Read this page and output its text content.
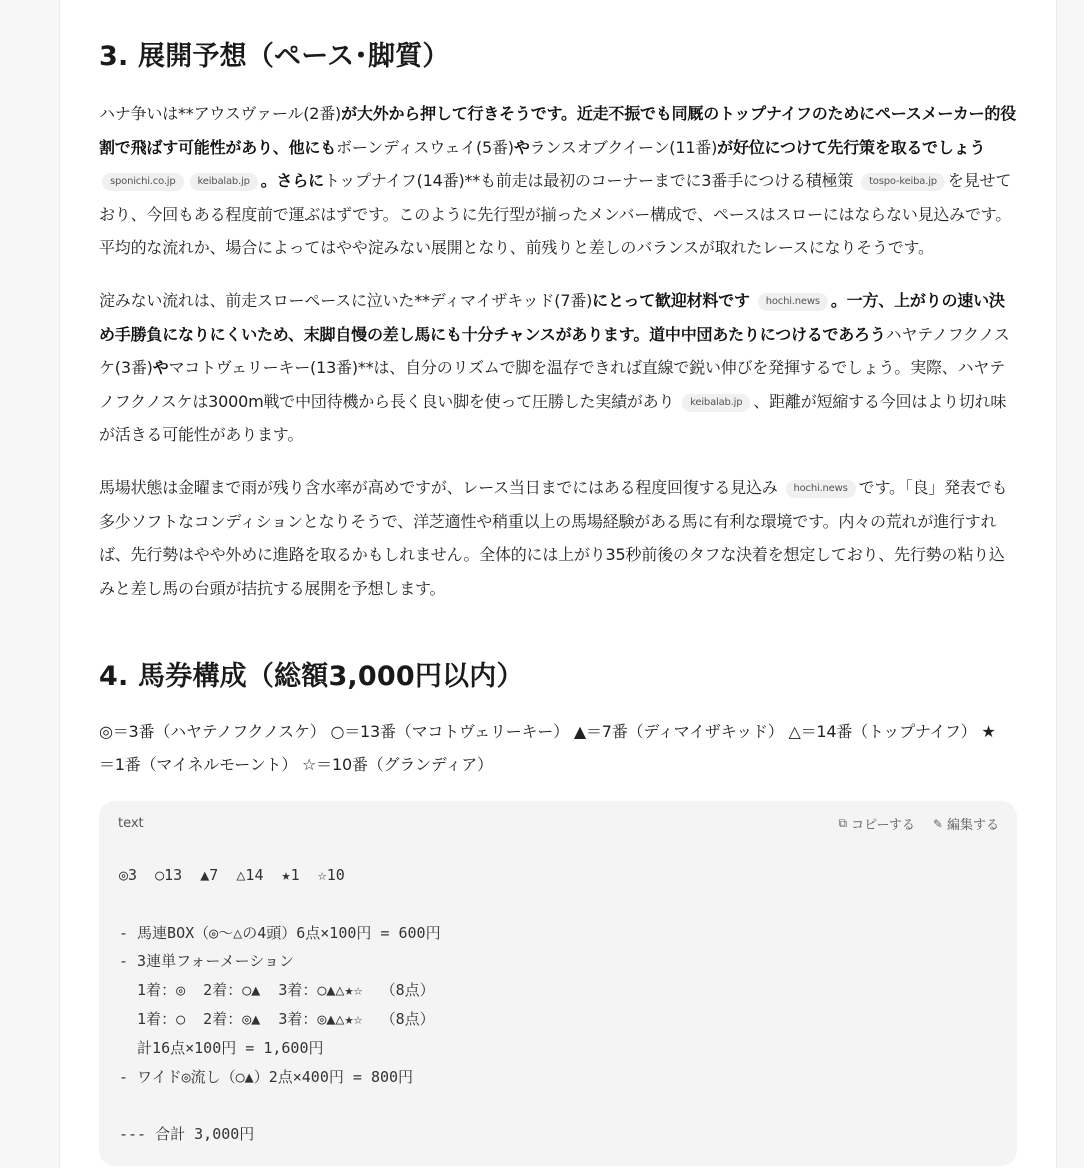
3. 展開予想（ペース･脚質）

ハナ争いは**アウスヴァール(2番)が大外から押して行きそうです。近走不振でも同厩のトップナイフのためにペースメーカー的役割で飛ばす可能性があり、他にもボーンディスウェイ(5番)やランスオブクイーン(11番)が好位につけて先行策を取るでしょう sponichi.co.jp keibalab.jp 。さらにトップナイフ(14番)**も前走は最初のコーナーまでに3番手につける積極策 tospo-keiba.jp を見せており、今回もある程度前で運ぶはずです。このように先行型が揃ったメンバー構成で、ペースはスローにはならない見込みです。平均的な流れか、場合によってはやや淀みない展開となり、前残りと差しのバランスが取れたレースになりそうです。

淀みない流れは、前走スローペースに泣いた**ディマイザキッド(7番)にとって歓迎材料です hochi.news 。一方、上がりの速い決め手勝負になりにくいため、末脚自慢の差し馬にも十分チャンスがあります。道中中団あたりにつけるであろうハヤテノフクノスケ(3番)やマコトヴェリーキー(13番)**は、自分のリズムで脚を温存できれば直線で鋭い伸びを発揮するでしょう。実際、ハヤテノフクノスケは3000m戦で中団待機から長く良い脚を使って圧勝した実績があり keibalab.jp 、距離が短縮する今回はより切れ味が活きる可能性があります。

馬場状態は金曜まで雨が残り含水率が高めですが、レース当日までにはある程度回復する見込み hochi.news です。「良」発表でも多少ソフトなコンディションとなりそうで、洋芝適性や稍重以上の馬場経験がある馬に有利な環境です。内々の荒れが進行すれば、先行勢はやや外めに進路を取るかもしれません。全体的には上がり35秒前後のタフな決着を想定しており、先行勢の粘り込みと差し馬の台頭が拮抗する展開を予想します。

4. 馬券構成（総額3,000円以内）

◎＝3番（ハヤテノフクノスケ） ○＝13番（マコトヴェリーキー） ▲＝7番（ディマイザキッド） △＝14番（トップナイフ） ★＝1番（マイネルモーント） ☆＝10番（グランディア）

text	⧉ コピーする ✎ 編集する
◎3  ○13  ▲7  △14  ★1  ☆10

- 馬連BOX（◎～△の4頭）6点×100円 = 600円
- 3連単フォーメーション
1着：◎  2着：○▲  3着：○▲△★☆  （8点）
1着：○  2着：◎▲  3着：◎▲△★☆  （8点）
計16点×100円 = 1,600円
- ワイド◎流し（○▲）2点×400円 = 800円

--- 合計 3,000円
